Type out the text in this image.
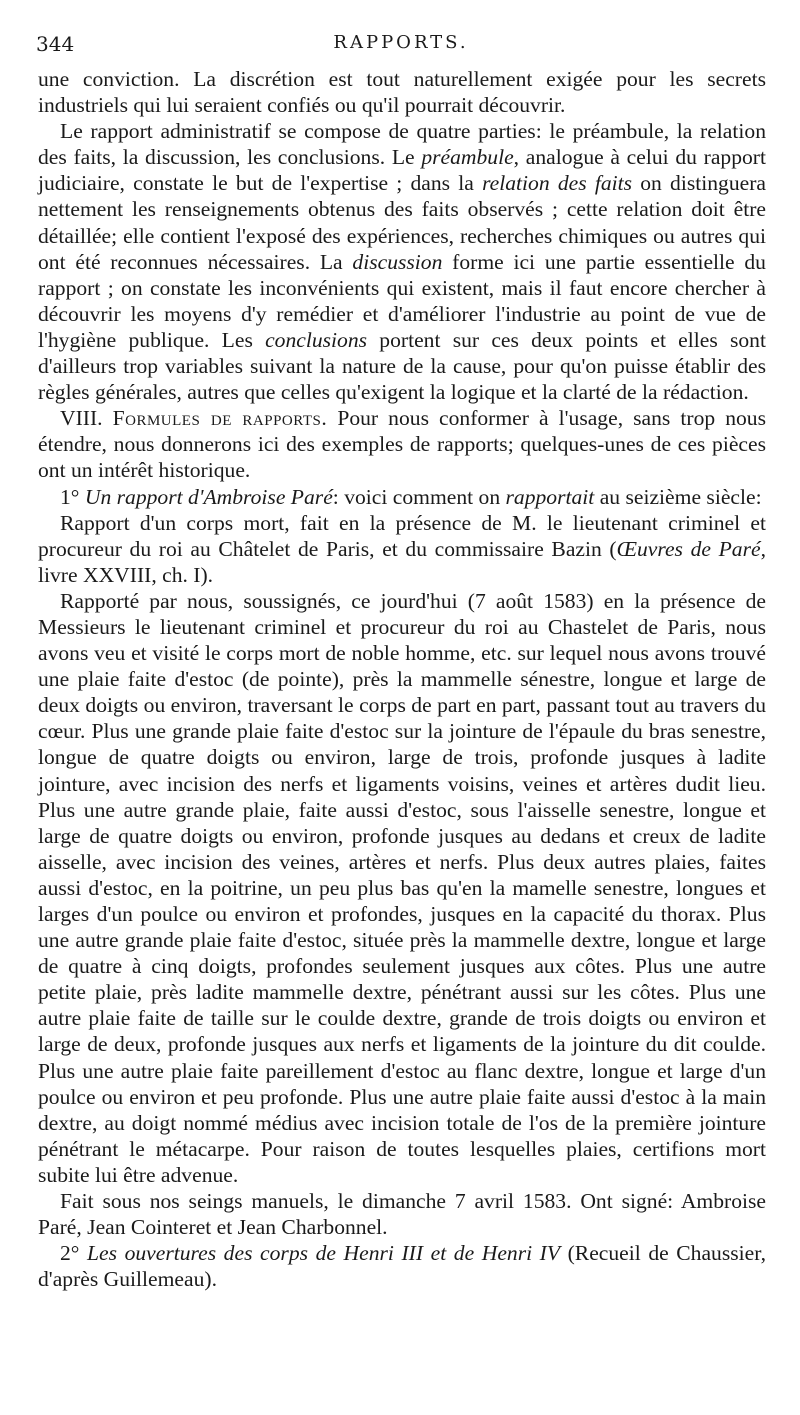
344	RAPPORTS.

une conviction. La discrétion est tout naturellement exigée pour les secrets industriels qui lui seraient confiés ou qu'il pourrait découvrir.

Le rapport administratif se compose de quatre parties: le préambule, la relation des faits, la discussion, les conclusions. Le préambule, analogue à celui du rapport judiciaire, constate le but de l'expertise ; dans la relation des faits on distinguera nettement les renseignements obtenus des faits observés ; cette relation doit être détaillée; elle contient l'exposé des expériences, recherches chimiques ou autres qui ont été reconnues nécessaires. La discussion forme ici une partie essentielle du rapport ; on constate les inconvénients qui existent, mais il faut encore chercher à découvrir les moyens d'y remédier et d'améliorer l'industrie au point de vue de l'hygiène publique. Les conclusions portent sur ces deux points et elles sont d'ailleurs trop variables suivant la nature de la cause, pour qu'on puisse établir des règles générales, autres que celles qu'exigent la logique et la clarté de la rédaction.

VIII. Formules de rapports. Pour nous conformer à l'usage, sans trop nous étendre, nous donnerons ici des exemples de rapports; quelques-unes de ces pièces ont un intérêt historique.

1° Un rapport d'Ambroise Paré: voici comment on rapportait au seizième siècle:

Rapport d'un corps mort, fait en la présence de M. le lieutenant criminel et procureur du roi au Châtelet de Paris, et du commissaire Bazin (Œuvres de Paré, livre XXVIII, ch. I).

Rapporté par nous, soussignés, ce jourd'hui (7 août 1583) en la présence de Messieurs le lieutenant criminel et procureur du roi au Chastelet de Paris, nous avons veu et visité le corps mort de noble homme, etc. sur lequel nous avons trouvé une plaie faite d'estoc (de pointe), près la mammelle sénestre, longue et large de deux doigts ou environ, traversant le corps de part en part, passant tout au travers du cœur. Plus une grande plaie faite d'estoc sur la jointure de l'épaule du bras senestre, longue de quatre doigts ou environ, large de trois, profonde jusques à ladite jointure, avec incision des nerfs et ligaments voisins, veines et artères dudit lieu. Plus une autre grande plaie, faite aussi d'estoc, sous l'aisselle senestre, longue et large de quatre doigts ou environ, profonde jusques au dedans et creux de ladite aisselle, avec incision des veines, artères et nerfs. Plus deux autres plaies, faites aussi d'estoc, en la poitrine, un peu plus bas qu'en la mamelle senestre, longues et larges d'un poulce ou environ et profondes, jusques en la capacité du thorax. Plus une autre grande plaie faite d'estoc, située près la mammelle dextre, longue et large de quatre à cinq doigts, profondes seulement jusques aux côtes. Plus une autre petite plaie, près ladite mammelle dextre, pénétrant aussi sur les côtes. Plus une autre plaie faite de taille sur le coulde dextre, grande de trois doigts ou environ et large de deux, profonde jusques aux nerfs et ligaments de la jointure du dit coulde. Plus une autre plaie faite pareillement d'estoc au flanc dextre, longue et large d'un poulce ou environ et peu profonde. Plus une autre plaie faite aussi d'estoc à la main dextre, au doigt nommé médius avec incision totale de l'os de la première jointure pénétrant le métacarpe. Pour raison de toutes lesquelles plaies, certifions mort subite lui être advenue.

Fait sous nos seings manuels, le dimanche 7 avril 1583. Ont signé: Ambroise Paré, Jean Cointeret et Jean Charbonnel.

2° Les ouvertures des corps de Henri III et de Henri IV (Recueil de Chaussier, d'après Guillemeau).
